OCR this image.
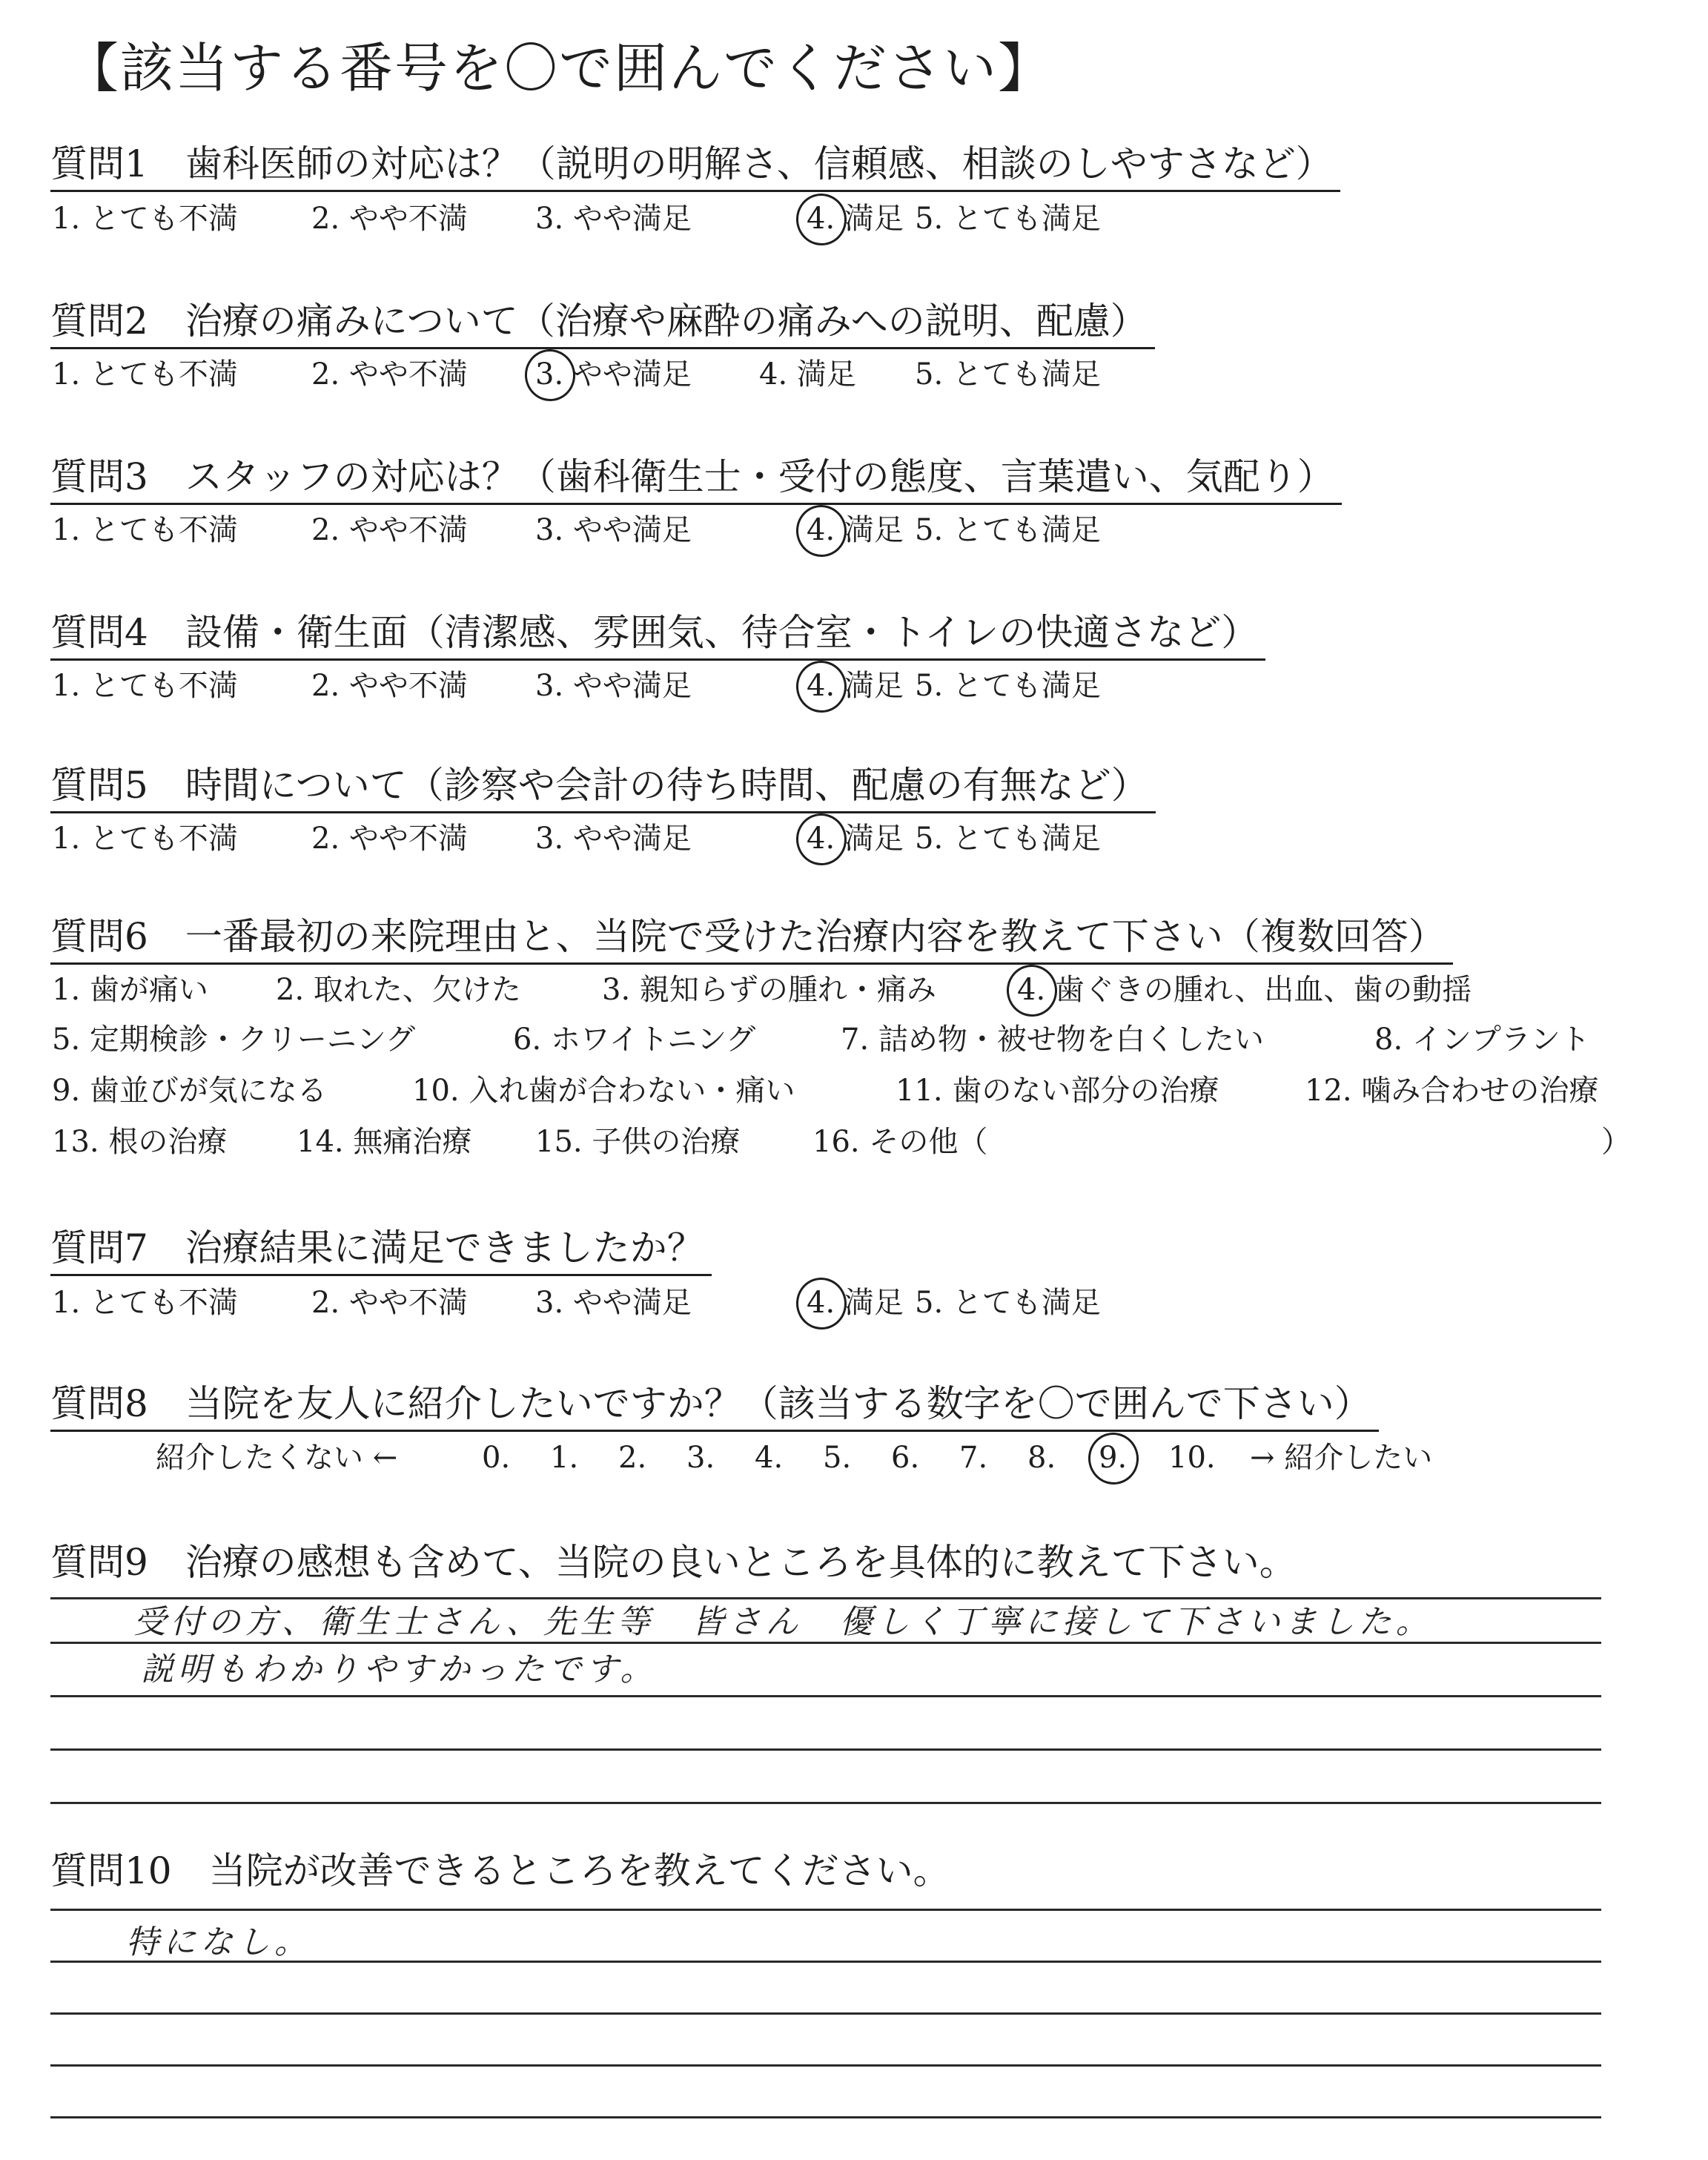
【該当する番号を〇で囲んでください】
質問1 歯科医師の対応は？（説明の明解さ、信頼感、相談のしやすさなど）
1. とても不満 2. やや不満 3. やや満足	4. 満足 5. とても満足
質問2 治療の痛みについて（治療や麻酔の痛みへの説明、配慮）
1. とても不満 2. やや不満 3. やや満足 4. 満足 5. とても満足
質問3 スタッフの対応は？（歯科衛生士・受付の態度、言葉遣い、気配り）
1. とても不満 2. やや不満 3. やや満足	4. 満足 5. とても満足
質問4 設備・衛生面（清潔感、雰囲気、待合室・トイレの快適さなど）
1. とても不満 2. やや不満 3. やや満足	4. 満足 5. とても満足
質問5 時間について（診察や会計の待ち時間、配慮の有無など）
1. とても不満 2. やや不満 3. やや満足	4. 満足 5. とても満足
質問6 一番最初の来院理由と、当院で受けた治療内容を教えて下さい（複数回答）
1. 歯が痛い 2. 取れた、欠けた	3. 親知らずの腫れ・痛み	4. 歯ぐきの腫れ、出血、歯の動揺
5. 定期検診・クリーニング	6. ホワイトニング	7. 詰め物・被せ物を白くしたい	8. インプラント
9. 歯並びが気になる	10. 入れ歯が合わない・痛い	11. 歯のない部分の治療	12. 噛み合わせの治療
13. 根の治療 14. 無痛治療 15. 子供の治療 16. その他（	）
質問7 治療結果に満足できましたか？
1. とても不満 2. やや不満 3. やや満足	4. 満足 5. とても満足
質問8 当院を友人に紹介したいですか？（該当する数字を〇で囲んで下さい）
紹介したくない ←	0. 1. 2. 3. 4. 5. 6. 7. 8. 9. 10. → 紹介したい
質問9 治療の感想も含めて、当院の良いところを具体的に教えて下さい。
受付の方、衛生士さん、先生等　皆さん　優しく丁寧に接して下さいました。
説明もわかりやすかったです。
質問10 当院が改善できるところを教えてください。
特になし。
